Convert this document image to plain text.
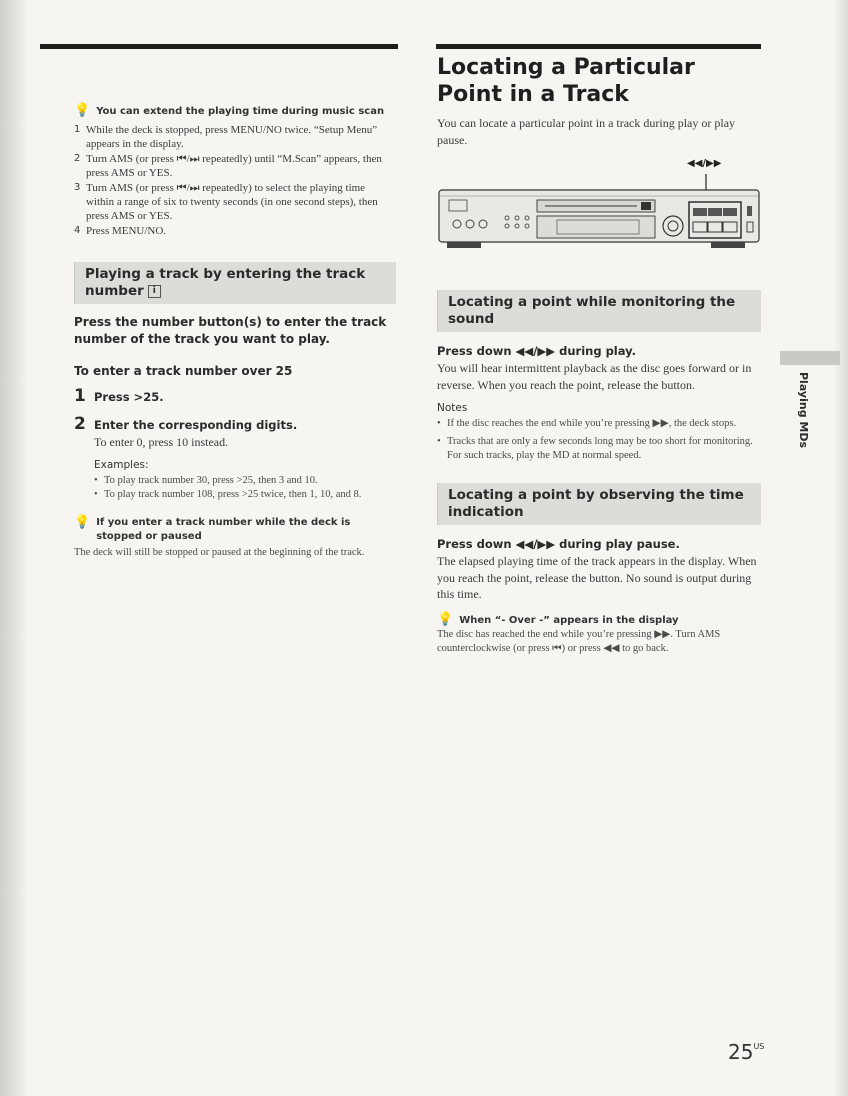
💡 You can extend the playing time during music scan
1 While the deck is stopped, press MENU/NO twice. “Setup Menu” appears in the display.
2 Turn AMS (or press ⏮/⏭ repeatedly) until “M.Scan” appears, then press AMS or YES.
3 Turn AMS (or press ⏮/⏭ repeatedly) to select the playing time within a range of six to twenty seconds (in one second steps), then press AMS or YES.
4 Press MENU/NO.
Playing a track by entering the track number i

Press the number button(s) to enter the track number of the track you want to play.

To enter a track number over 25

1 Press >25.
2 Enter the corresponding digits.

To enter 0, press 10 instead.

Examples:

• To play track number 30, press >25, then 3 and 10.
• To play track number 108, press >25 twice, then 1, 10, and 8.
💡 If you enter a track number while the deck is stopped or paused

The deck will still be stopped or paused at the beginning of the track.

Locating a Particular Point in a Track

You can locate a particular point in a track during play or play pause.

◀◀/▶▶
Locating a point while monitoring the sound

Press down ◀◀/▶▶ during play.

You will hear intermittent playback as the disc goes forward or in reverse. When you reach the point, release the button.

Notes

• If the disc reaches the end while you’re pressing ▶▶, the deck stops.
• Tracks that are only a few seconds long may be too short for monitoring. For such tracks, play the MD at normal speed.
Locating a point by observing the time indication

Press down ◀◀/▶▶ during play pause.

The elapsed playing time of the track appears in the display. When you reach the point, release the button. No sound is output during this time.

💡 When “- Over -” appears in the display

The disc has reached the end while you’re pressing ▶▶. Turn AMS counterclockwise (or press ⏮) or press ◀◀ to go back.

Playing MDs
$25^{US}$
